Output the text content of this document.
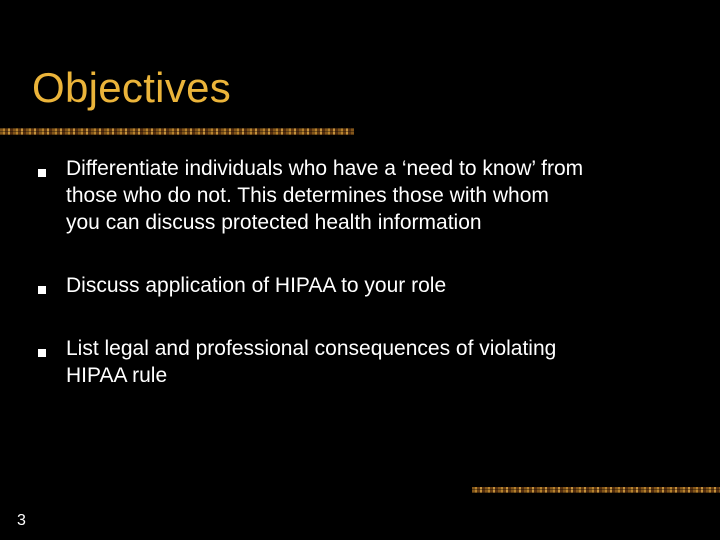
Objectives
Differentiate individuals who have a ‘need to know’ from
those who do not. This determines those with whom
you can discuss protected health information
Discuss application of HIPAA to your role
List legal and professional consequences of violating
HIPAA rule
3
